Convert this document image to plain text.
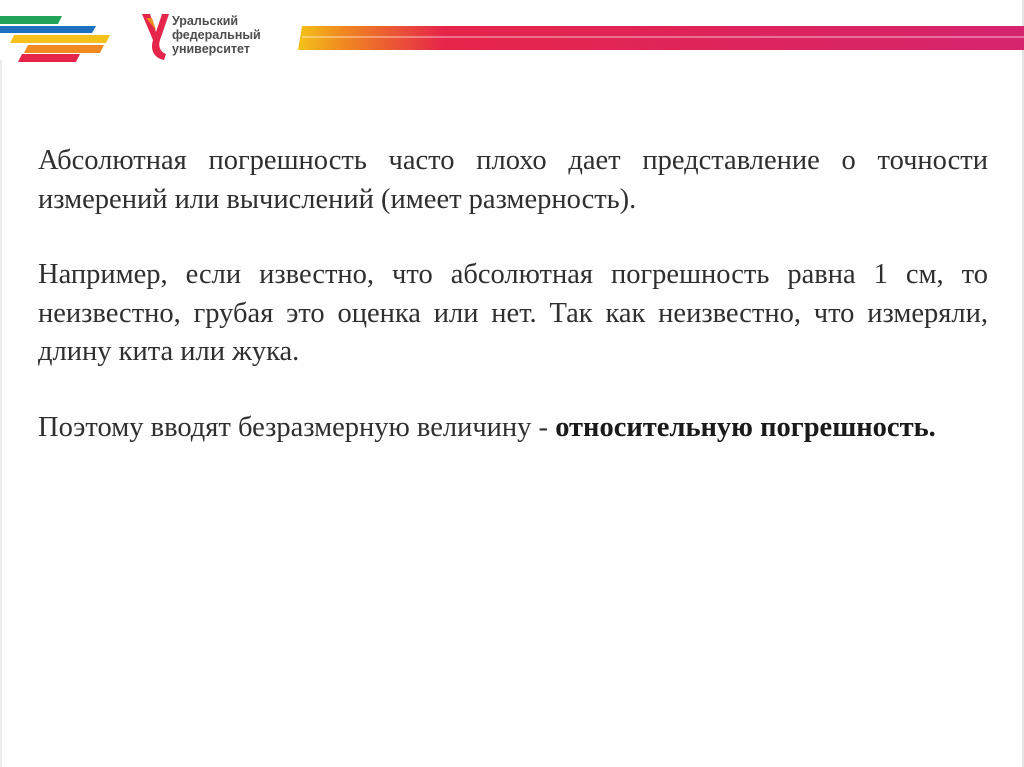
Уральский
федеральный
университет

Абсолютная погрешность часто плохо дает представление о точности измерений или вычислений (имеет размерность).

Например, если известно, что абсолютная погрешность равна 1 см, то неизвестно, грубая это оценка или нет. Так как неизвестно, что измеряли, длину кита или жука.

Поэтому вводят безразмерную величину - относительную погрешность.
